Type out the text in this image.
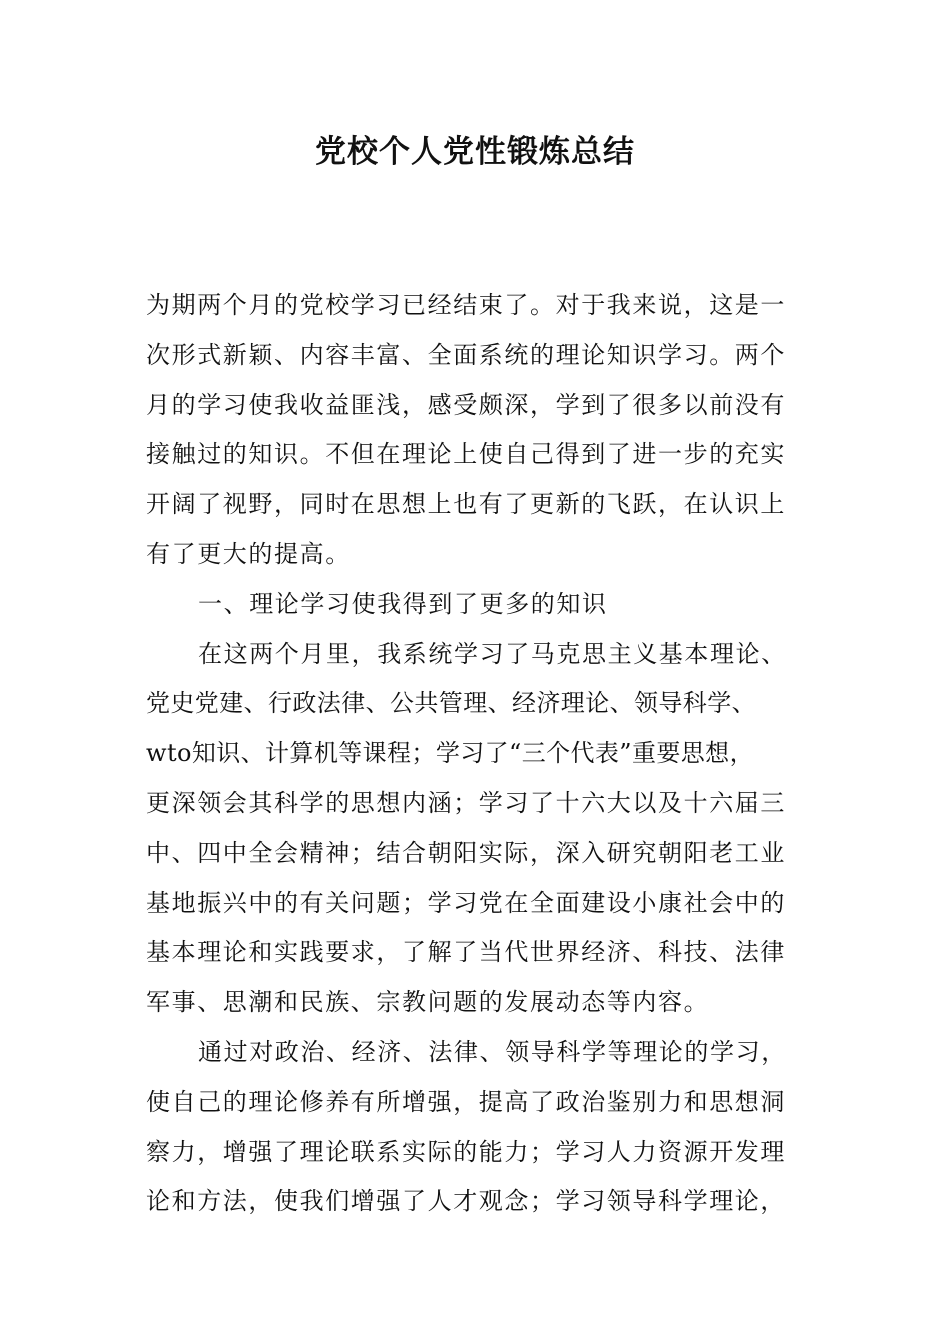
党校个人党性锻炼总结
为期两个月的党校学习已经结束了。对于我来说，这是一
次形式新颖、内容丰富、全面系统的理论知识学习。两个
月的学习使我收益匪浅，感受颇深，学到了很多以前没有
接触过的知识。不但在理论上使自己得到了进一步的充实
开阔了视野，同时在思想上也有了更新的飞跃，在认识上
有了更大的提高。
一、理论学习使我得到了更多的知识
在这两个月里，我系统学习了马克思主义基本理论、
党史党建、行政法律、公共管理、经济理论、领导科学、
wto知识、计算机等课程；学习了“三个代表”重要思想，
更深领会其科学的思想内涵；学习了十六大以及十六届三
中、四中全会精神；结合朝阳实际，深入研究朝阳老工业
基地振兴中的有关问题；学习党在全面建设小康社会中的
基本理论和实践要求，了解了当代世界经济、科技、法律
军事、思潮和民族、宗教问题的发展动态等内容。
通过对政治、经济、法律、领导科学等理论的学习，
使自己的理论修养有所增强，提高了政治鉴别力和思想洞
察力，增强了理论联系实际的能力；学习人力资源开发理
论和方法，使我们增强了人才观念；学习领导科学理论，
